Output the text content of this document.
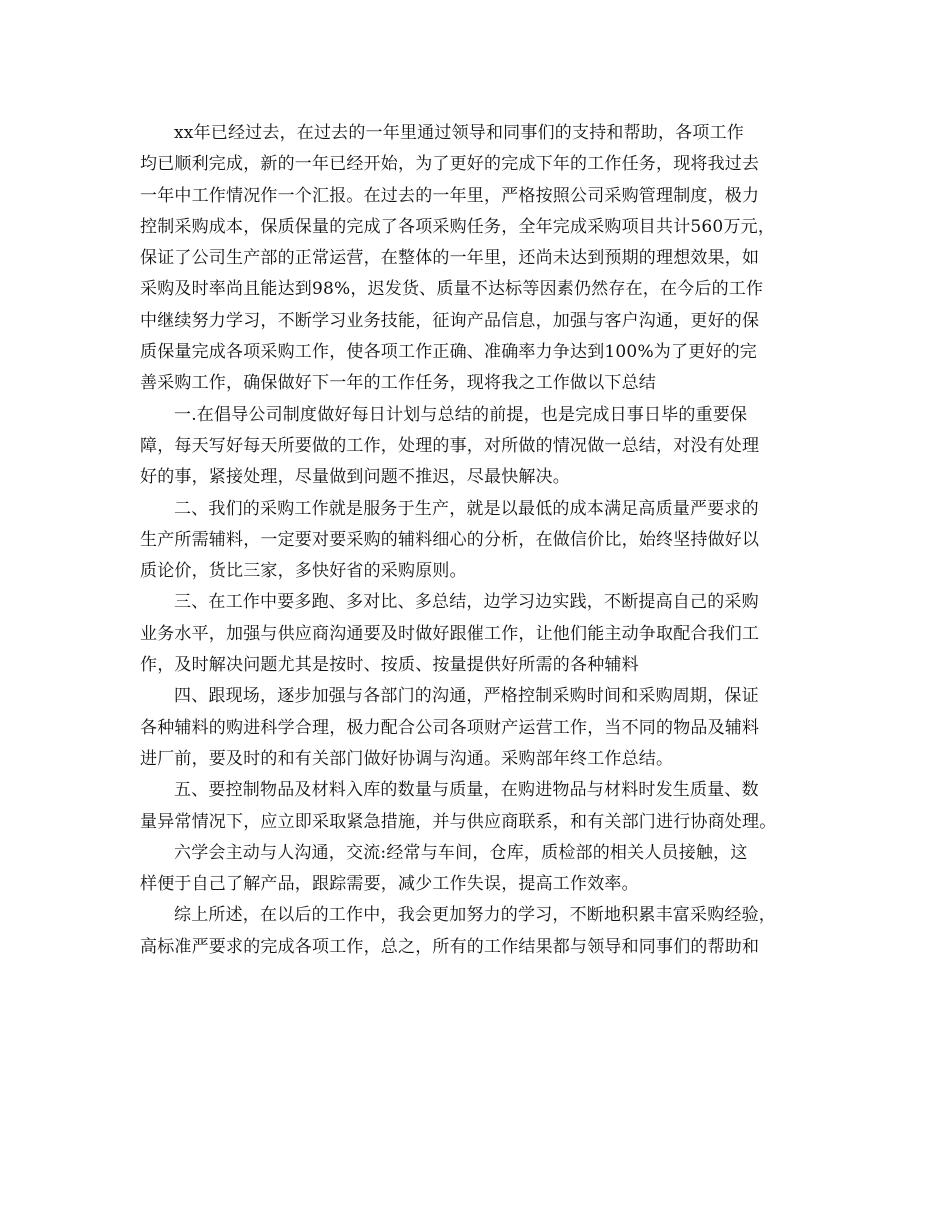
xx年已经过去，在过去的一年里通过领导和同事们的支持和帮助，各项工作
均已顺利完成，新的一年已经开始，为了更好的完成下年的工作任务，现将我过去
一年中工作情况作一个汇报。在过去的一年里，严格按照公司采购管理制度，极力
控制采购成本，保质保量的完成了各项采购任务，全年完成采购项目共计560万元，
保证了公司生产部的正常运营，在整体的一年里，还尚未达到预期的理想效果，如
采购及时率尚且能达到98%，迟发货、质量不达标等因素仍然存在，在今后的工作
中继续努力学习，不断学习业务技能，征询产品信息，加强与客户沟通，更好的保
质保量完成各项采购工作，使各项工作正确、准确率力争达到100%为了更好的完
善采购工作，确保做好下一年的工作任务，现将我之工作做以下总结
一.在倡导公司制度做好每日计划与总结的前提，也是完成日事日毕的重要保
障，每天写好每天所要做的工作，处理的事，对所做的情况做一总结，对没有处理
好的事，紧接处理，尽量做到问题不推迟，尽最快解决。
二、我们的采购工作就是服务于生产，就是以最低的成本满足高质量严要求的
生产所需辅料，一定要对要采购的辅料细心的分析，在做信价比，始终坚持做好以
质论价，货比三家，多快好省的采购原则。
三、在工作中要多跑、多对比、多总结，边学习边实践，不断提高自己的采购
业务水平，加强与供应商沟通要及时做好跟催工作，让他们能主动争取配合我们工
作，及时解决问题尤其是按时、按质、按量提供好所需的各种辅料
四、跟现场，逐步加强与各部门的沟通，严格控制采购时间和采购周期，保证
各种辅料的购进科学合理，极力配合公司各项财产运营工作，当不同的物品及辅料
进厂前，要及时的和有关部门做好协调与沟通。采购部年终工作总结。
五、要控制物品及材料入库的数量与质量，在购进物品与材料时发生质量、数
量异常情况下，应立即采取紧急措施，并与供应商联系，和有关部门进行协商处理。
六学会主动与人沟通，交流:经常与车间，仓库，质检部的相关人员接触，这
样便于自己了解产品，跟踪需要，减少工作失误，提高工作效率。
综上所述，在以后的工作中，我会更加努力的学习，不断地积累丰富采购经验，
高标准严要求的完成各项工作，总之，所有的工作结果都与领导和同事们的帮助和
